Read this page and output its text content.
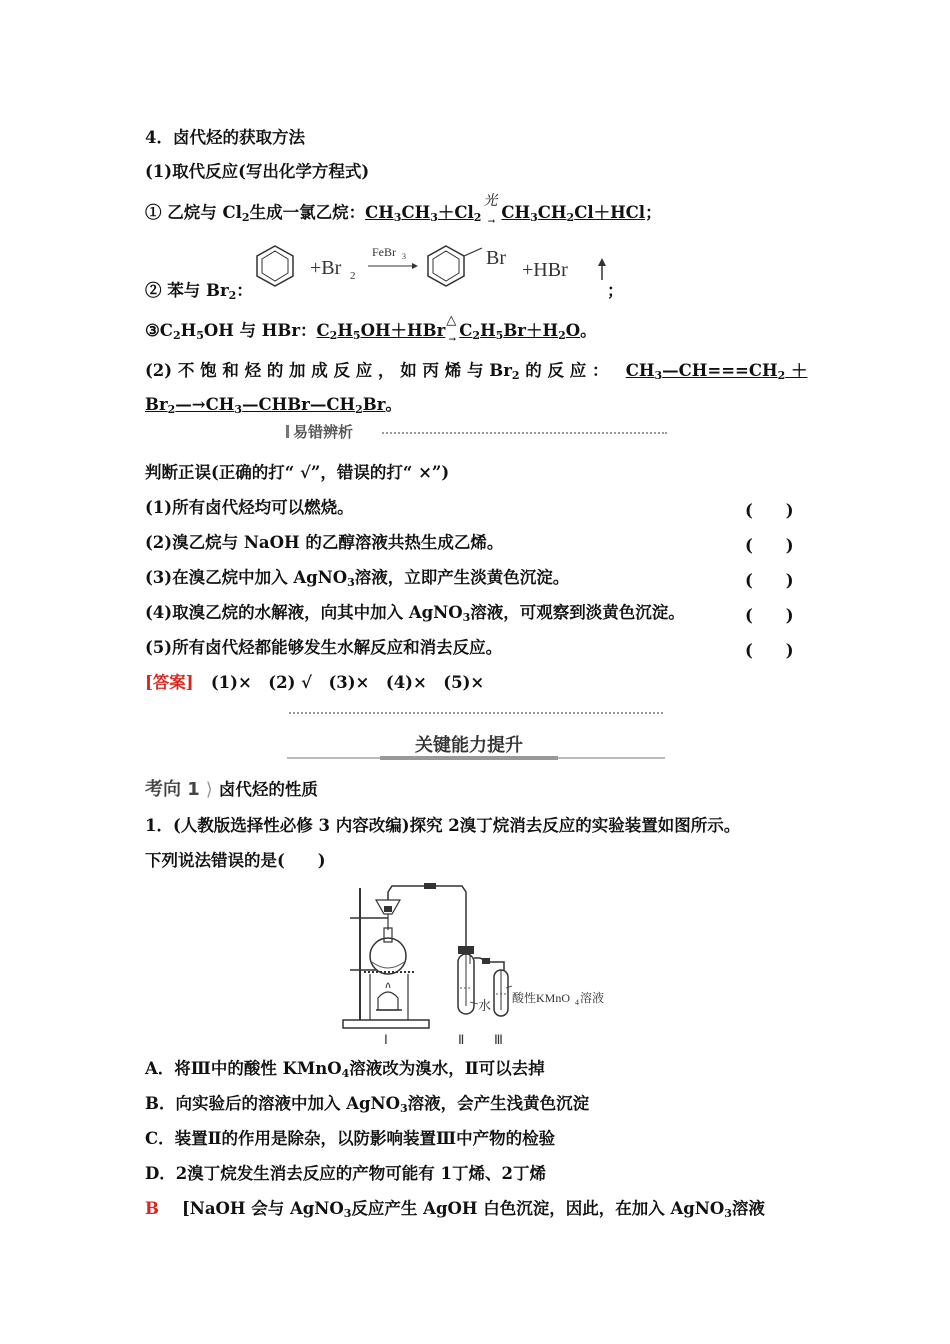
4．卤代烃的获取方法
(1)取代反应(写出化学方程式)
① 乙烷与 $Cl_2$生成一氯乙烷：$CH_3CH_3+Cl_2$
光
$_\to$ $CH_3CH_2Cl+HCl$；
② 苯与 $Br_2$：	；
+Br 2
FeBr 3	Br
+HBr
$③C_2H_5OH$ 与 HBr：$C_2H_5OH+HBr$
△
$_\to$ $C_2H_5Br+H_2O$。
(2) 不 饱 和 烃 的 加 成 反 应 ， 如 丙 烯 与 $Br_2$ 的 反 应 ： $CH_3—CH===CH_2$ ＋
$Br_2—\to CH_3—CHBr—CH_2Br$。
易错辨析
判断正误(正确的打“ √”，错误的打“ ×”)
(1)所有卤代烃均可以燃烧。	(　　)
(2)溴乙烷与 NaOH 的乙醇溶液共热生成乙烯。	(　　)
(3)在溴乙烷中加入 AgNO$_3$溶液，立即产生淡黄色沉淀。	(　　)
(4)取溴乙烷的水解液，向其中加入 AgNO$_3$溶液，可观察到淡黄色沉淀。	(　　)
(5)所有卤代烃都能够发生水解反应和消去反应。	(　　)
[答案] (1)×　(2) √　(3)×　(4)×　(5)×
关键能力提升
考向 1 ⟩ 卤代烃的性质
1．(人教版选择性必修 3 内容改编)探究 2溴丁烷消去反应的实验装置如图所示。
下列说法错误的是(　　)
水 酸性KMnO 4 溶液
Ⅰ	Ⅱ Ⅲ
A．将Ⅲ中的酸性 KMnO$_4$溶液改为溴水，Ⅱ可以去掉
B．向实验后的溶液中加入 AgNO$_3$溶液，会产生浅黄色沉淀
C．装置Ⅱ的作用是除杂，以防影响装置Ⅲ中产物的检验
D．2溴丁烷发生消去反应的产物可能有 1丁烯、2丁烯
B [NaOH 会与 AgNO$_3$反应产生 AgOH 白色沉淀，因此，在加入 AgNO$_3$溶液
